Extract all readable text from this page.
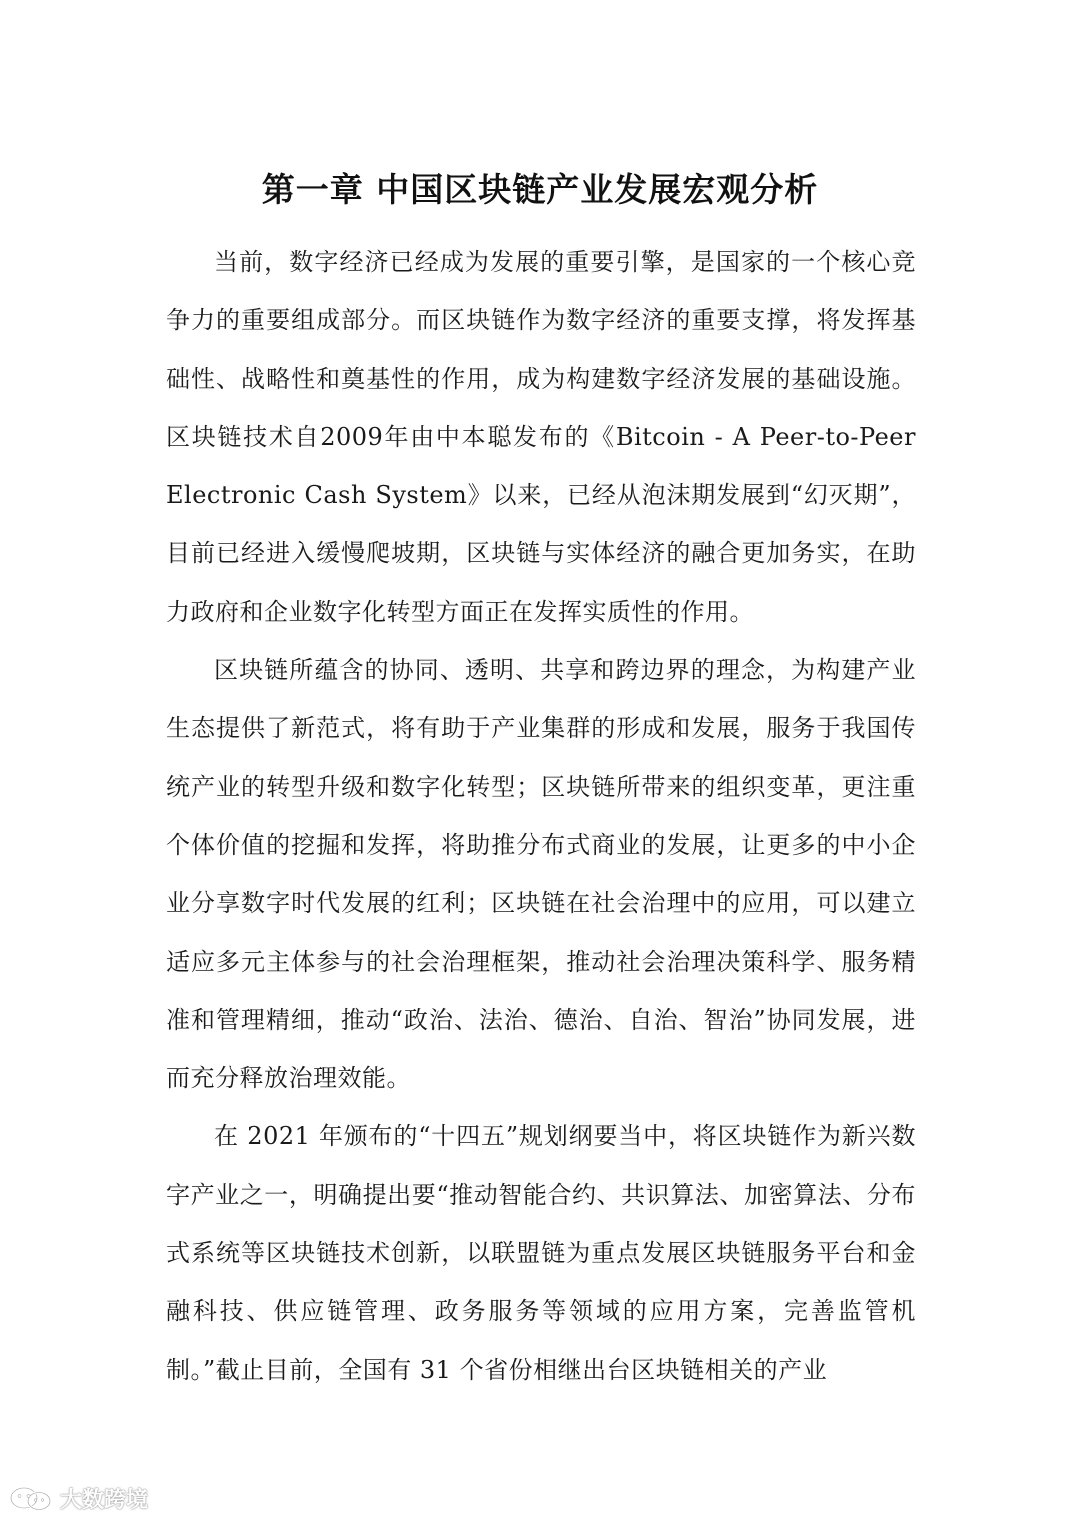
第一章 中国区块链产业发展宏观分析

当前，数字经济已经成为发展的重要引擎，是国家的一个核心竞争力的重要组成部分。而区块链作为数字经济的重要支撑，将发挥基础性、战略性和奠基性的作用，成为构建数字经济发展的基础设施。区块链技术自2009年由中本聪发布的《Bitcoin - A Peer-to-Peer Electronic Cash System》以来，已经从泡沫期发展到“幻灭期”，目前已经进入缓慢爬坡期，区块链与实体经济的融合更加务实，在助力政府和企业数字化转型方面正在发挥实质性的作用。

区块链所蕴含的协同、透明、共享和跨边界的理念，为构建产业生态提供了新范式，将有助于产业集群的形成和发展，服务于我国传统产业的转型升级和数字化转型；区块链所带来的组织变革，更注重个体价值的挖掘和发挥，将助推分布式商业的发展，让更多的中小企业分享数字时代发展的红利；区块链在社会治理中的应用，可以建立适应多元主体参与的社会治理框架，推动社会治理决策科学、服务精准和管理精细，推动“政治、法治、德治、自治、智治”协同发展，进而充分释放治理效能。

在 2021 年颁布的“十四五”规划纲要当中，将区块链作为新兴数字产业之一，明确提出要“推动智能合约、共识算法、加密算法、分布式系统等区块链技术创新，以联盟链为重点发展区块链服务平台和金融科技、供应链管理、政务服务等领域的应用方案，完善监管机制。”截止目前，全国有 31 个省份相继出台区块链相关的产业

大数跨境
